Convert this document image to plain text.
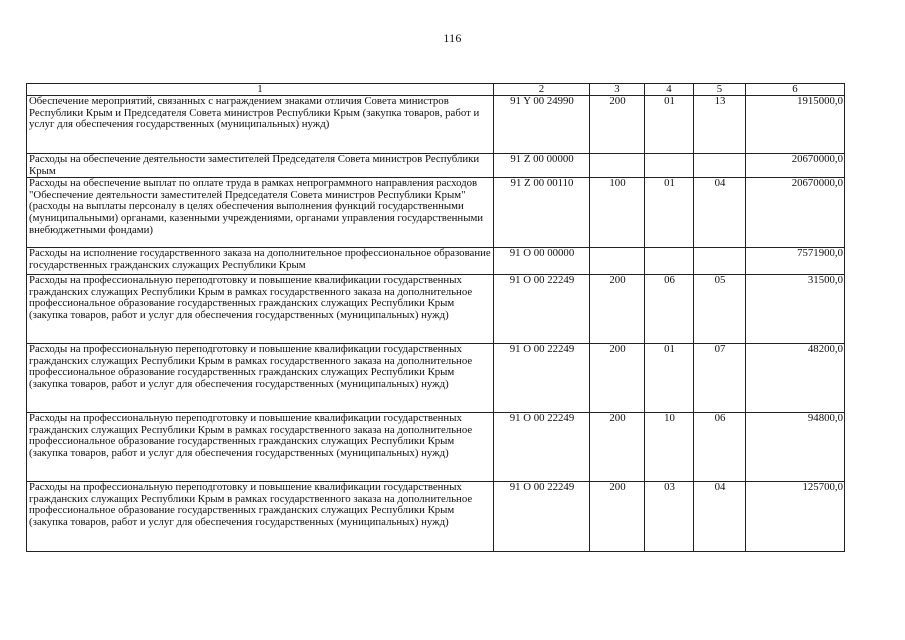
116
1	2	3	4	5	6
Обеспечение мероприятий, связанных с награждением знаками отличия Совета министров Республики Крым и Председателя Совета министров Республики Крым (закупка товаров, работ и услуг для обеспечения государственных (муниципальных) нужд)	91 Y 00 24990	200	01	13	1915000,0
Расходы на обеспечение деятельности заместителей Председателя Совета министров Республики Крым	91 Z 00 00000				20670000,0
Расходы на обеспечение выплат по оплате труда в рамках непрограммного направления расходов "Обеспечение деятельности заместителей Председателя Совета министров Республики Крым" (расходы на выплаты персоналу в целях обеспечения выполнения функций государственными (муниципальными) органами, казенными учреждениями, органами управления государственными внебюджетными фондами)	91 Z 00 00110	100	01	04	20670000,0
Расходы на исполнение государственного заказа на дополнительное профессиональное образование государственных гражданских служащих Республики Крым	91 О 00 00000				7571900,0
Расходы на профессиональную переподготовку и повышение квалификации государственных гражданских служащих Республики Крым в рамках государственного заказа на дополнительное профессиональное образование государственных гражданских служащих Республики Крым (закупка товаров, работ и услуг для обеспечения государственных (муниципальных) нужд)	91 О 00 22249	200	06	05	31500,0
Расходы на профессиональную переподготовку и повышение квалификации государственных гражданских служащих Республики Крым в рамках государственного заказа на дополнительное профессиональное образование государственных гражданских служащих Республики Крым (закупка товаров, работ и услуг для обеспечения государственных (муниципальных) нужд)	91 О 00 22249	200	01	07	48200,0
Расходы на профессиональную переподготовку и повышение квалификации государственных гражданских служащих Республики Крым в рамках государственного заказа на дополнительное профессиональное образование государственных гражданских служащих Республики Крым (закупка товаров, работ и услуг для обеспечения государственных (муниципальных) нужд)	91 О 00 22249	200	10	06	94800,0
Расходы на профессиональную переподготовку и повышение квалификации государственных гражданских служащих Республики Крым в рамках государственного заказа на дополнительное профессиональное образование государственных гражданских служащих Республики Крым (закупка товаров, работ и услуг для обеспечения государственных (муниципальных) нужд)	91 О 00 22249	200	03	04	125700,0
